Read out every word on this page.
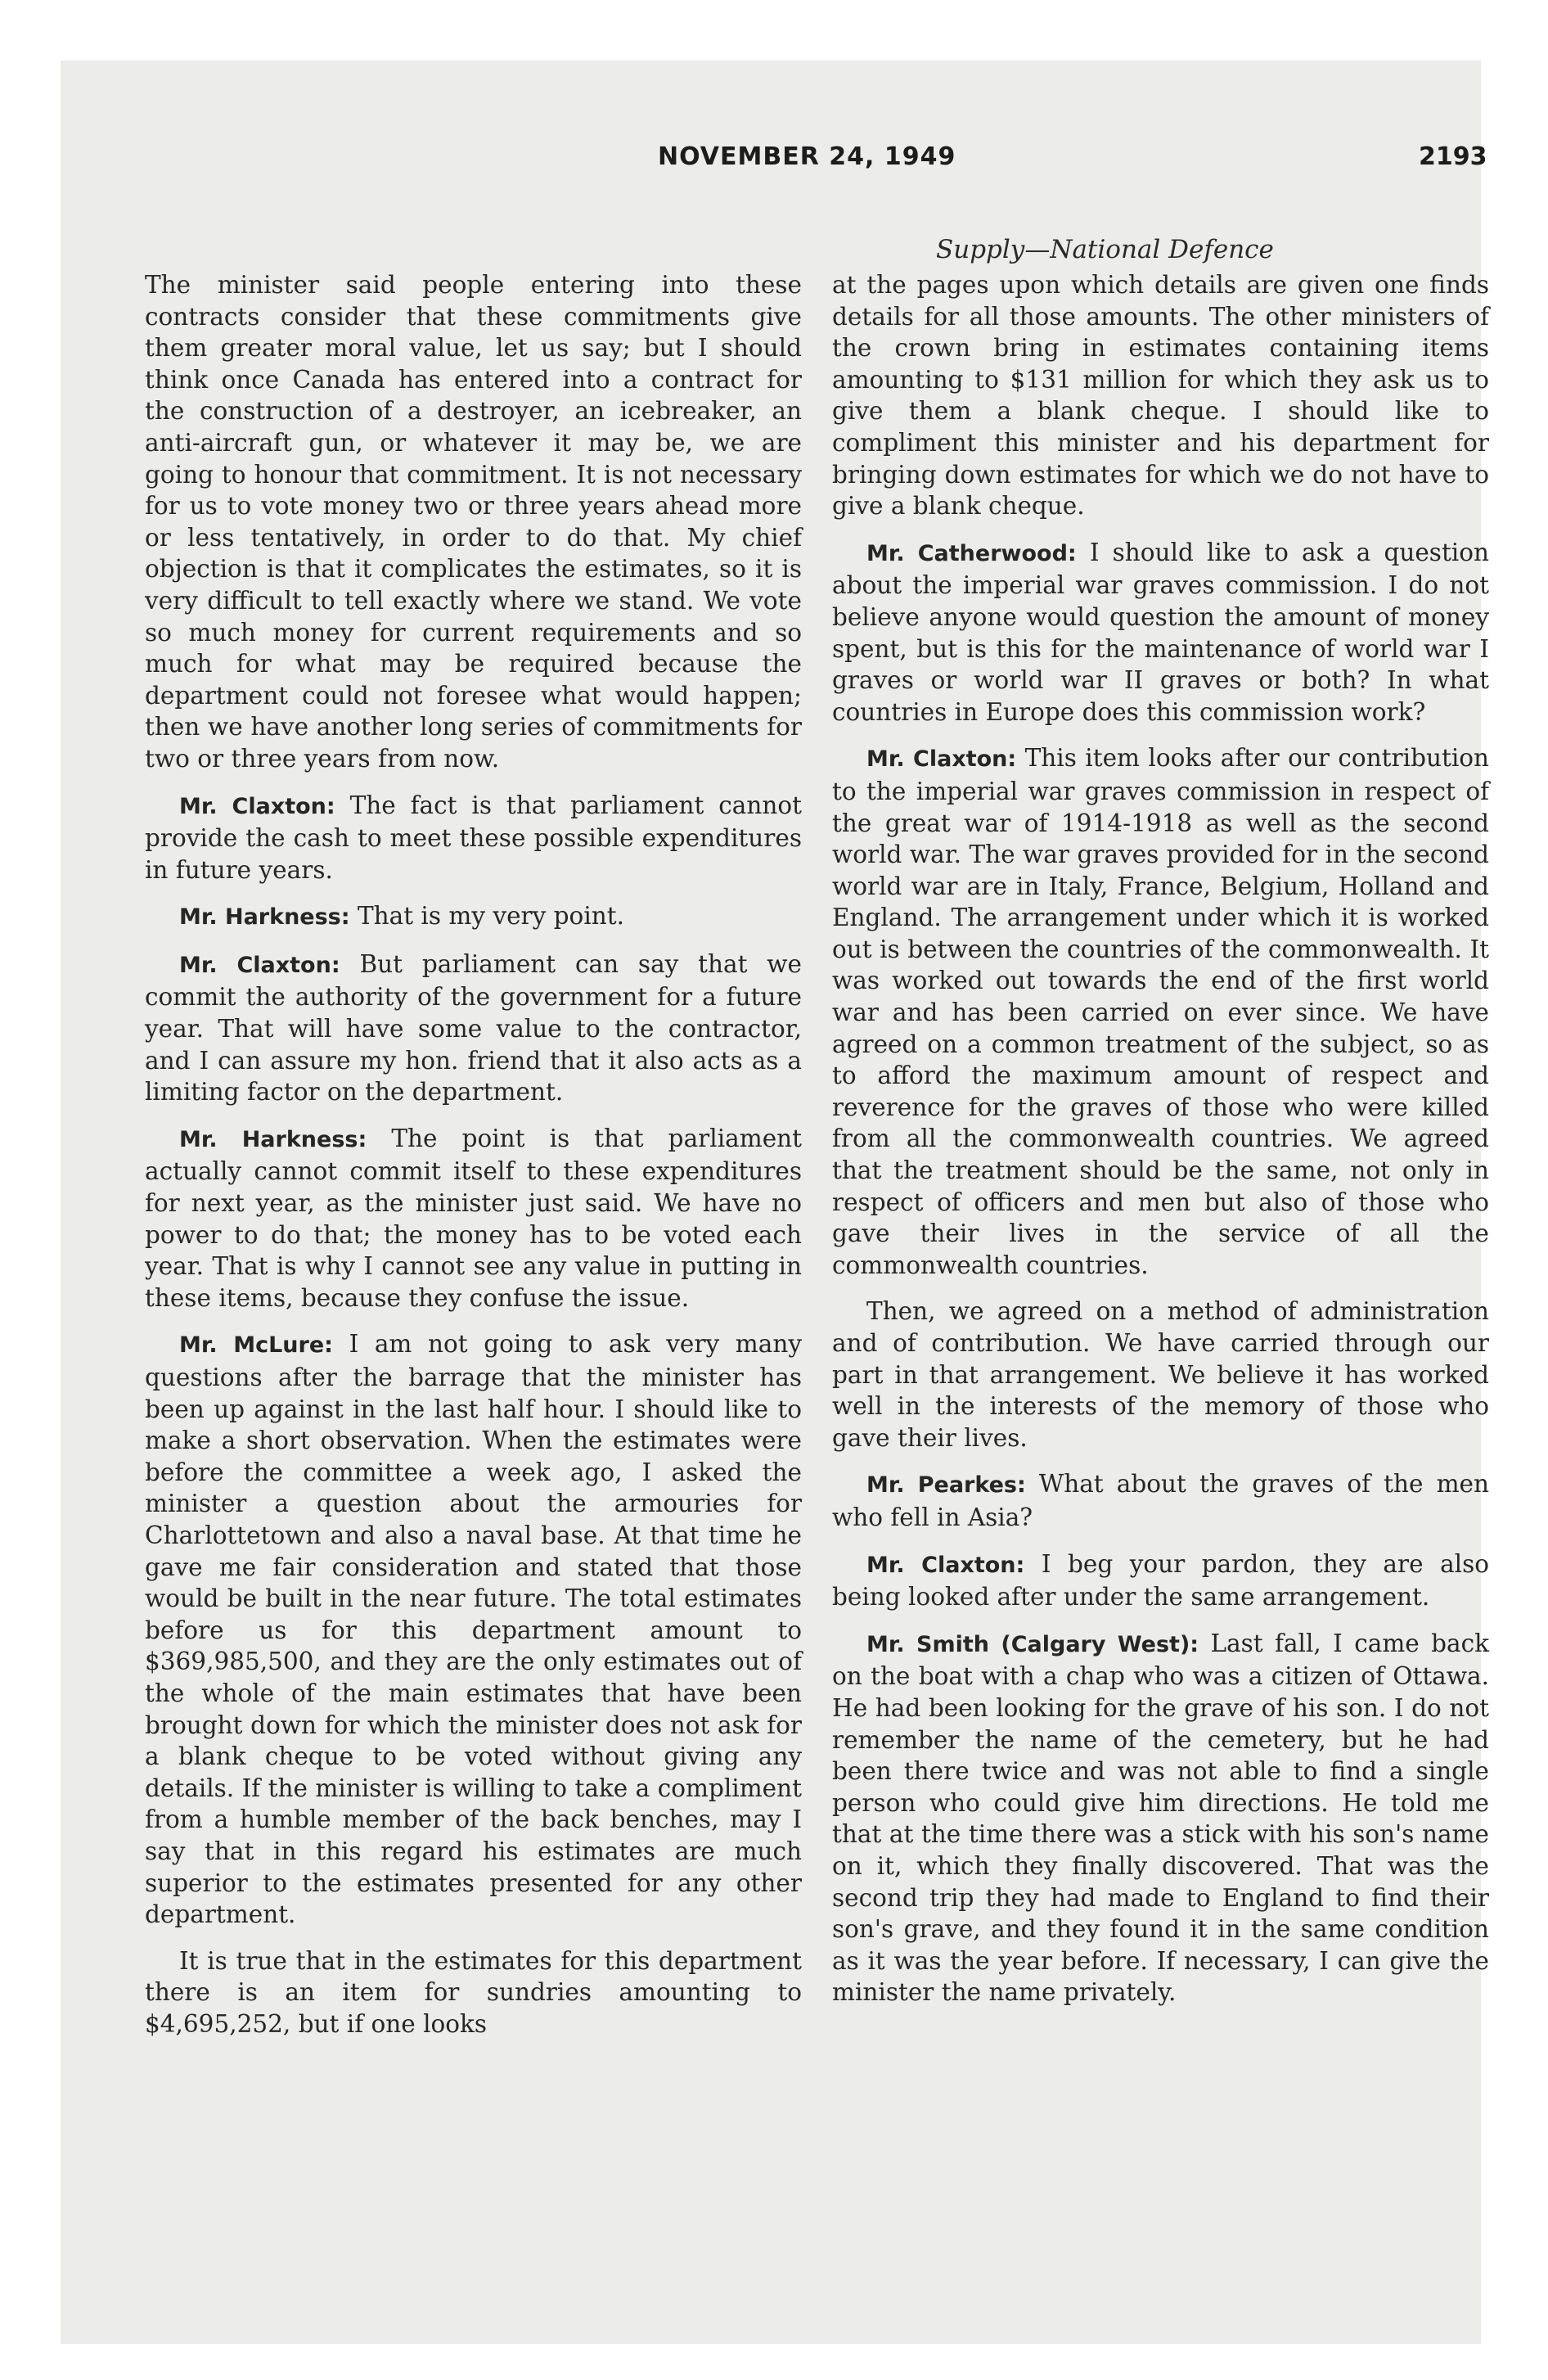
NOVEMBER 24, 1949	2193
Supply—National Defence

The minister said people entering into these contracts consider that these commitments give them greater moral value, let us say; but I should think once Canada has entered into a contract for the construction of a destroyer, an icebreaker, an anti-aircraft gun, or whatever it may be, we are going to honour that commitment. It is not necessary for us to vote money two or three years ahead more or less tentatively, in order to do that. My chief objection is that it complicates the estimates, so it is very difficult to tell exactly where we stand. We vote so much money for current requirements and so much for what may be required because the department could not foresee what would happen; then we have another long series of commitments for two or three years from now.

Mr. Claxton: The fact is that parliament cannot provide the cash to meet these possible expenditures in future years.

Mr. Harkness: That is my very point.

Mr. Claxton: But parliament can say that we commit the authority of the government for a future year. That will have some value to the contractor, and I can assure my hon. friend that it also acts as a limiting factor on the department.

Mr. Harkness: The point is that parliament actually cannot commit itself to these expenditures for next year, as the minister just said. We have no power to do that; the money has to be voted each year. That is why I cannot see any value in putting in these items, because they confuse the issue.

Mr. McLure: I am not going to ask very many questions after the barrage that the minister has been up against in the last half hour. I should like to make a short observation. When the estimates were before the committee a week ago, I asked the minister a question about the armouries for Charlottetown and also a naval base. At that time he gave me fair consideration and stated that those would be built in the near future. The total estimates before us for this department amount to $369,985,500, and they are the only estimates out of the whole of the main estimates that have been brought down for which the minister does not ask for a blank cheque to be voted without giving any details. If the minister is willing to take a compliment from a humble member of the back benches, may I say that in this regard his estimates are much superior to the estimates presented for any other department.

It is true that in the estimates for this department there is an item for sundries amounting to $4,695,252, but if one looks

at the pages upon which details are given one finds details for all those amounts. The other ministers of the crown bring in estimates containing items amounting to $131 million for which they ask us to give them a blank cheque. I should like to compliment this minister and his department for bringing down estimates for which we do not have to give a blank cheque.

Mr. Catherwood: I should like to ask a question about the imperial war graves commission. I do not believe anyone would question the amount of money spent, but is this for the maintenance of world war I graves or world war II graves or both? In what countries in Europe does this commission work?

Mr. Claxton: This item looks after our contribution to the imperial war graves commission in respect of the great war of 1914-1918 as well as the second world war. The war graves provided for in the second world war are in Italy, France, Belgium, Holland and England. The arrangement under which it is worked out is between the countries of the commonwealth. It was worked out towards the end of the first world war and has been carried on ever since. We have agreed on a common treatment of the subject, so as to afford the maximum amount of respect and reverence for the graves of those who were killed from all the commonwealth countries. We agreed that the treatment should be the same, not only in respect of officers and men but also of those who gave their lives in the service of all the commonwealth countries.

Then, we agreed on a method of administration and of contribution. We have carried through our part in that arrangement. We believe it has worked well in the interests of the memory of those who gave their lives.

Mr. Pearkes: What about the graves of the men who fell in Asia?

Mr. Claxton: I beg your pardon, they are also being looked after under the same arrangement.

Mr. Smith (Calgary West): Last fall, I came back on the boat with a chap who was a citizen of Ottawa. He had been looking for the grave of his son. I do not remember the name of the cemetery, but he had been there twice and was not able to find a single person who could give him directions. He told me that at the time there was a stick with his son's name on it, which they finally discovered. That was the second trip they had made to England to find their son's grave, and they found it in the same condition as it was the year before. If necessary, I can give the minister the name privately.
